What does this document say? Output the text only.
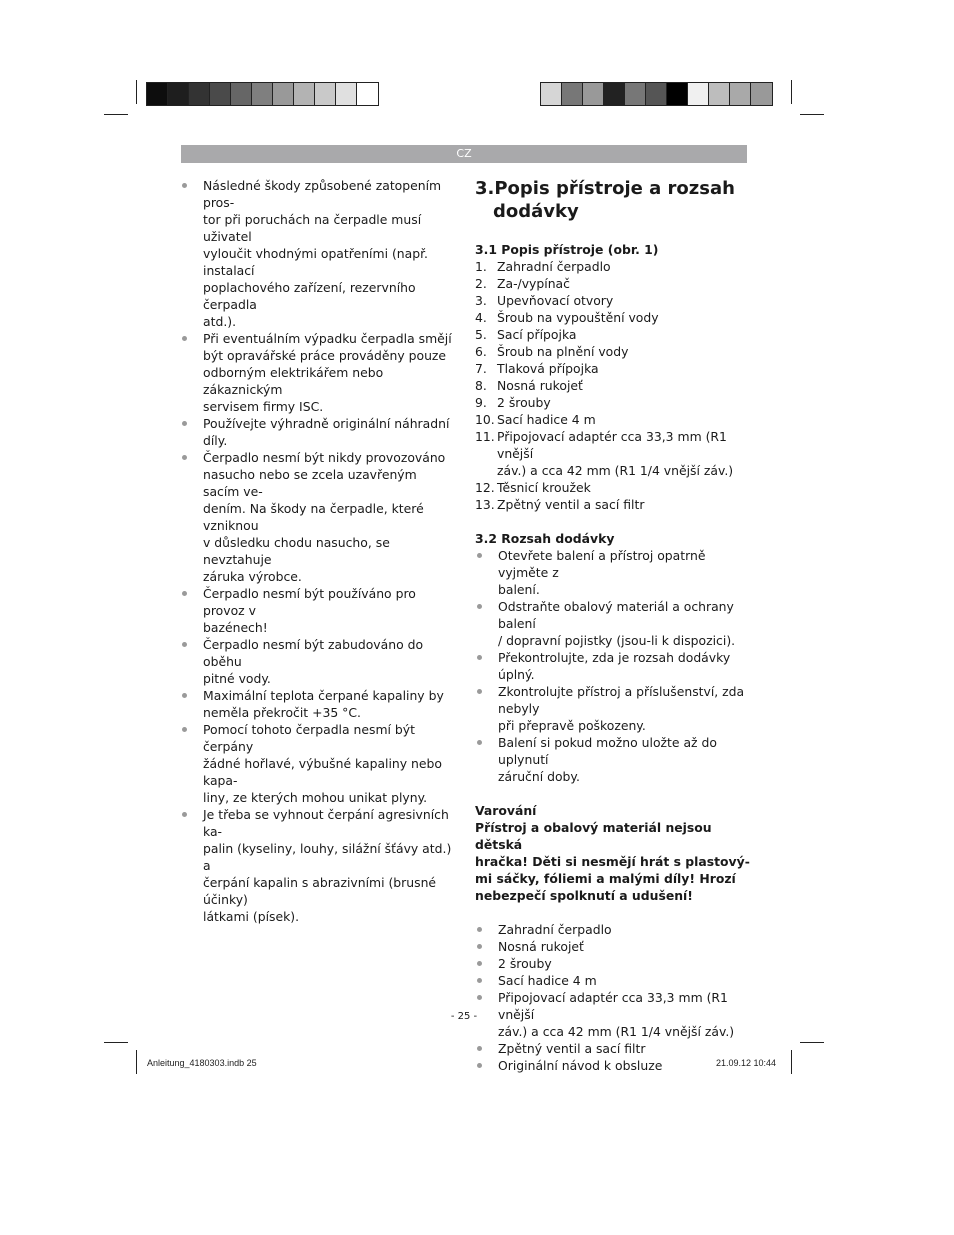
CZ
Následné škody způsobené zatopením pros-
tor při poruchách na čerpadle musí uživatel
vyloučit vhodnými opatřeními (např. instalací
poplachového zařízení, rezervního čerpadla
atd.).
Při eventuálním výpadku čerpadla smějí
být opravářské práce prováděny pouze
odborným elektrikářem nebo zákaznickým
servisem firmy ISC.
Používejte výhradně originální náhradní díly.
Čerpadlo nesmí být nikdy provozováno
nasucho nebo se zcela uzavřeným sacím ve-
dením. Na škody na čerpadle, které vzniknou
v důsledku chodu nasucho, se nevztahuje
záruka výrobce.
Čerpadlo nesmí být používáno pro provoz v
bazénech!
Čerpadlo nesmí být zabudováno do oběhu
pitné vody.
Maximální teplota čerpané kapaliny by
neměla překročit +35 °C.
Pomocí tohoto čerpadla nesmí být čerpány
žádné hořlavé, výbušné kapaliny nebo kapa-
liny, ze kterých mohou unikat plyny.
Je třeba se vyhnout čerpání agresivních ka-
palin (kyseliny, louhy, silážní šťávy atd.) a
čerpání kapalin s abrazivními (brusné účinky)
látkami (písek).
3.Popis přístroje a rozsah
dodávky
3.1 Popis přístroje (obr. 1)
1. Zahradní čerpadlo
2. Za-/vypínač
3. Upevňovací otvory
4. Šroub na vypouštění vody
5. Sací přípojka
6. Šroub na plnění vody
7. Tlaková přípojka
8. Nosná rukojeť
9. 2 šrouby
10. Sací hadice 4 m
11. Připojovací adaptér cca 33,3 mm (R1 vnější
záv.) a cca 42 mm (R1 1/4 vnější záv.)
12. Těsnicí kroužek
13. Zpětný ventil a sací filtr
3.2 Rozsah dodávky
Otevřete balení a přístroj opatrně vyjměte z
balení.
Odstraňte obalový materiál a ochrany balení
/ dopravní pojistky (jsou-li k dispozici).
Překontrolujte, zda je rozsah dodávky úplný.
Zkontrolujte přístroj a příslušenství, zda nebyly
při přepravě poškozeny.
Balení si pokud možno uložte až do uplynutí
záruční doby.
Varování
Přístroj a obalový materiál nejsou dětská
hračka! Děti si nesmějí hrát s plastový-
mi sáčky, fóliemi a malými díly! Hrozí
nebezpečí spolknutí a udušení!
Zahradní čerpadlo
Nosná rukojeť
2 šrouby
Sací hadice 4 m
Připojovací adaptér cca 33,3 mm (R1 vnější
záv.) a cca 42 mm (R1 1/4 vnější záv.)
Zpětný ventil a sací filtr
Originální návod k obsluze
- 25 -
Anleitung_4180303.indb 25	21.09.12 10:44
